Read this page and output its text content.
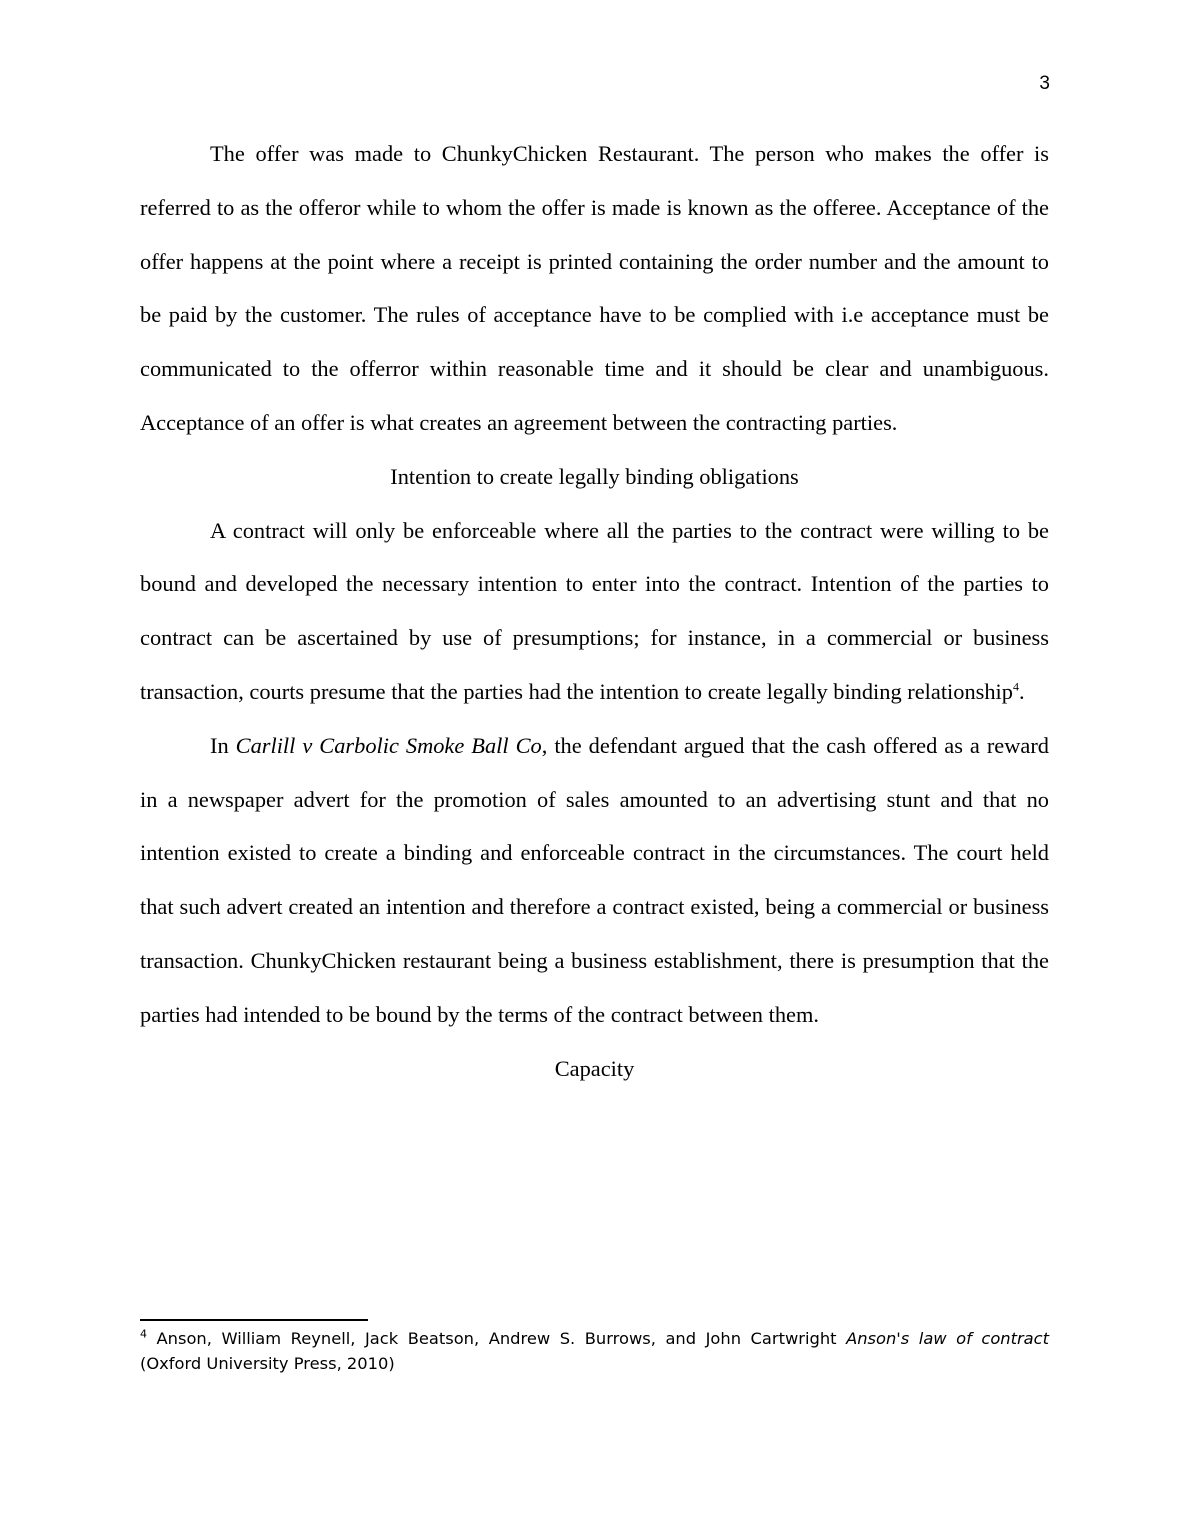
3

The offer was made to ChunkyChicken Restaurant. The person who makes the offer is referred to as the offeror while to whom the offer is made is known as the offeree. Acceptance of the offer happens at the point where a receipt is printed containing the order number and the amount to be paid by the customer. The rules of acceptance have to be complied with i.e acceptance must be communicated to the offerror within reasonable time and it should be clear and unambiguous. Acceptance of an offer is what creates an agreement between the contracting parties.

Intention to create legally binding obligations

A contract will only be enforceable where all the parties to the contract were willing to be bound and developed the necessary intention to enter into the contract. Intention of the parties to contract can be ascertained by use of presumptions; for instance, in a commercial or business transaction, courts presume that the parties had the intention to create legally binding relationship$^4$.

In Carlill v Carbolic Smoke Ball Co, the defendant argued that the cash offered as a reward in a newspaper advert for the promotion of sales amounted to an advertising stunt and that no intention existed to create a binding and enforceable contract in the circumstances. The court held that such advert created an intention and therefore a contract existed, being a commercial or business transaction. ChunkyChicken restaurant being a business establishment, there is presumption that the parties had intended to be bound by the terms of the contract between them.

Capacity

$^4$ Anson, William Reynell, Jack Beatson, Andrew S. Burrows, and John Cartwright Anson's law of contract (Oxford University Press, 2010)
